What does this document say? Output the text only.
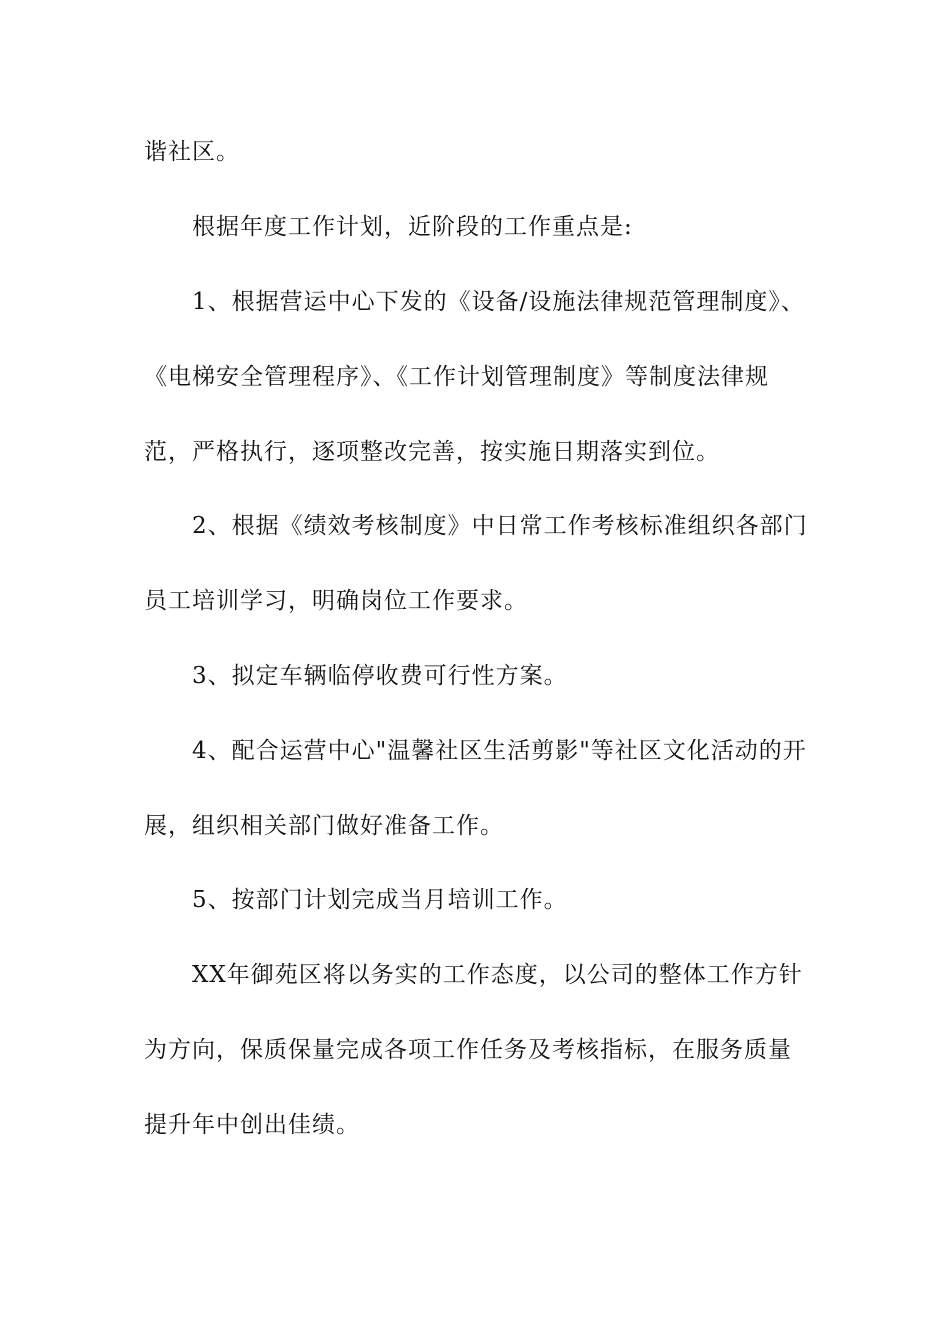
谐社区。
根据年度工作计划，近阶段的工作重点是:
1、根据营运中心下发的《设备/设施法律规范管理制度》、
《电梯安全管理程序》、《工作计划管理制度》等制度法律规
范，严格执行，逐项整改完善，按实施日期落实到位。
2、根据《绩效考核制度》中日常工作考核标准组织各部门
员工培训学习，明确岗位工作要求。
3、拟定车辆临停收费可行性方案。
4、配合运营中心"温馨社区生活剪影"等社区文化活动的开
展，组织相关部门做好准备工作。
5、按部门计划完成当月培训工作。
XX年御苑区将以务实的工作态度，以公司的整体工作方针
为方向，保质保量完成各项工作任务及考核指标，在服务质量
提升年中创出佳绩。
